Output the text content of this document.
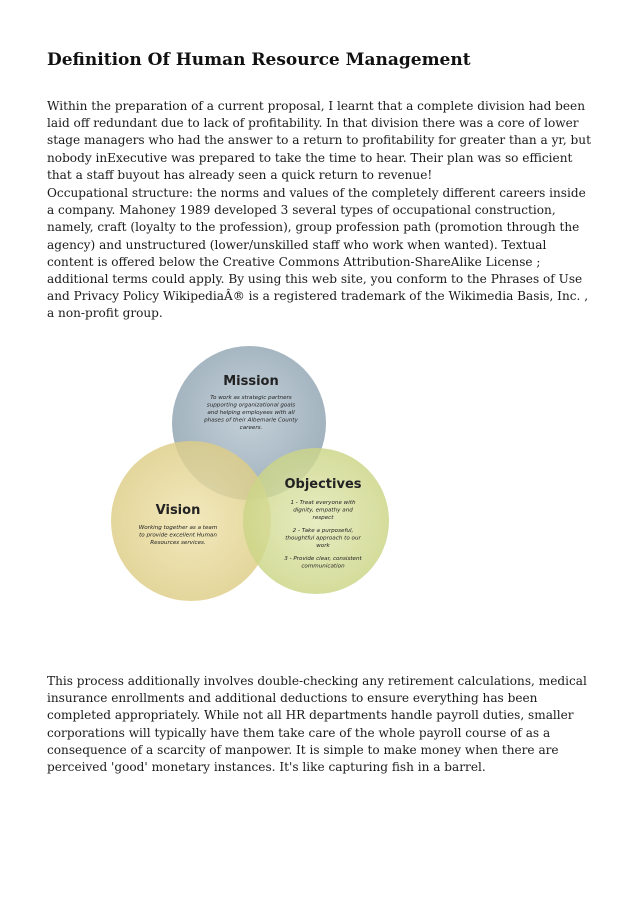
Definition Of Human Resource Management

Within the preparation of a current proposal, I learnt that a complete division had been laid off redundant due to lack of profitability. In that division there was a core of lower stage managers who had the answer to a return to profitability for greater than a yr, but nobody inExecutive was prepared to take the time to hear. Their plan was so efficient that a staff buyout has already seen a quick return to revenue!

Occupational structure: the norms and values of the completely different careers inside a company. Mahoney 1989 developed 3 several types of occupational construction, namely, craft (loyalty to the profession), group profession path (promotion through the agency) and unstructured (lower/unskilled staff who work when wanted). Textual content is offered below the Creative Commons Attribution-ShareAlike License ; additional terms could apply. By using this web site, you conform to the Phrases of Use and Privacy Policy WikipediaÂ® is a registered trademark of the Wikimedia Basis, Inc. , a non-profit group.

Mission
To work as strategic partners
supporting organizational goals
and helping employees with all
phases of their Albemarle County
careers.
Vision
Working together as a team
to provide excellent Human
Resources services.
Objectives
1 - Treat everyone with
dignity, empathy and
respect
2 - Take a purposeful,
thoughtful approach to our
work
3 - Provide clear, consistent
communication

This process additionally involves double-checking any retirement calculations, medical insurance enrollments and additional deductions to ensure everything has been completed appropriately. While not all HR departments handle payroll duties, smaller corporations will typically have them take care of the whole payroll course of as a consequence of a scarcity of manpower. It is simple to make money when there are perceived 'good' monetary instances. It's like capturing fish in a barrel.
